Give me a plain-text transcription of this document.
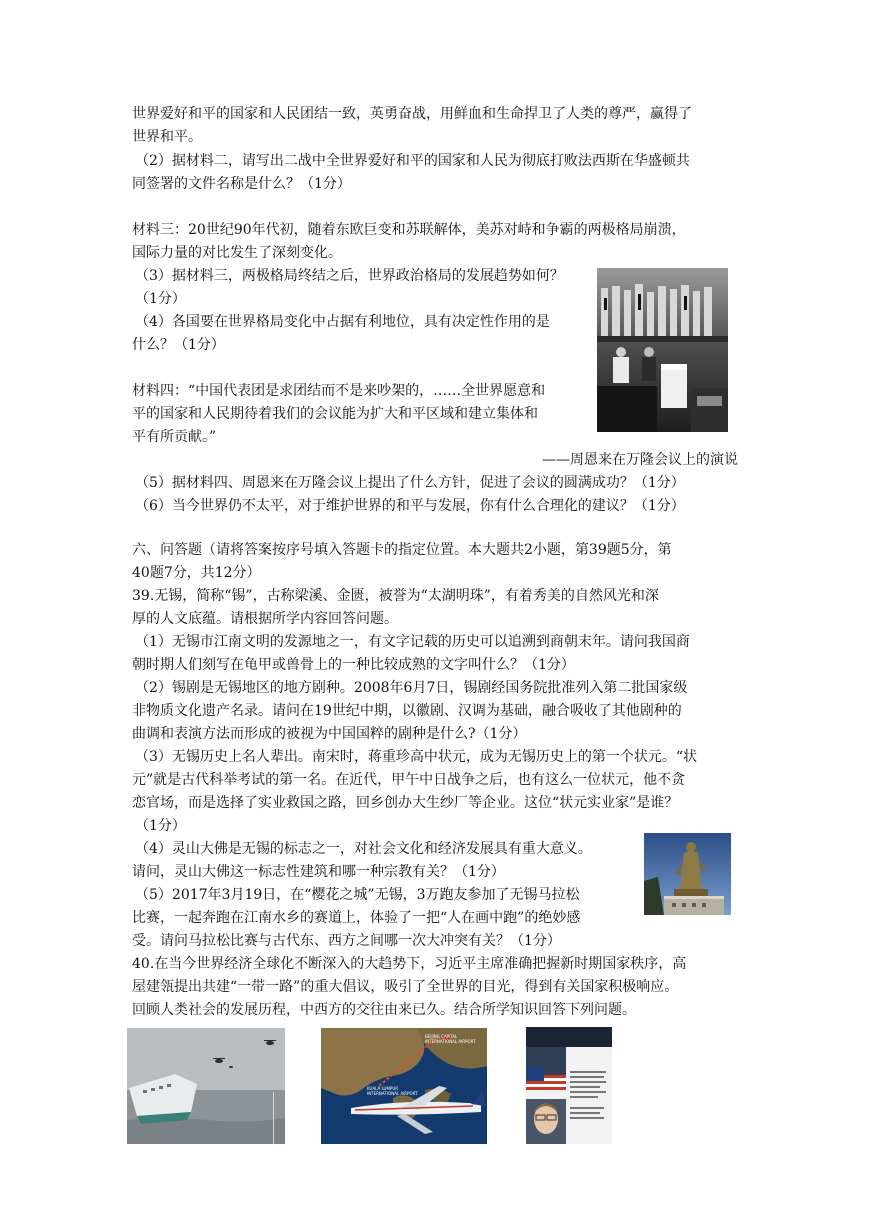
世界爱好和平的国家和人民团结一致，英勇奋战，用鲜血和生命捍卫了人类的尊严，赢得了
世界和平。
（2）据材料二，请写出二战中全世界爱好和平的国家和人民为彻底打败法西斯在华盛顿共
同签署的文件名称是什么？（1分）
材料三：20世纪90年代初，随着东欧巨变和苏联解体，美苏对峙和争霸的两极格局崩溃，
国际力量的对比发生了深刻变化。
（3）据材料三，两极格局终结之后，世界政治格局的发展趋势如何？
（1分）
（4）各国要在世界格局变化中占据有利地位，具有决定性作用的是
什么？（1分）
材料四：“中国代表团是求团结而不是来吵架的，……全世界愿意和
平的国家和人民期待着我们的会议能为扩大和平区域和建立集体和
平有所贡献。”
——周恩来在万隆会议上的演说
（5）据材料四、周恩来在万隆会议上提出了什么方针，促进了会议的圆满成功？（1分）
（6）当今世界仍不太平，对于维护世界的和平与发展，你有什么合理化的建议？（1分）
六、问答题（请将答案按序号填入答题卡的指定位置。本大题共2小题，第39题5分，第
40题7分，共12分）
39.无锡，简称“锡”，古称梁溪、金匮，被誉为“太湖明珠”，有着秀美的自然风光和深
厚的人文底蕴。请根据所学内容回答问题。
（1）无锡市江南文明的发源地之一，有文字记载的历史可以追溯到商朝末年。请问我国商
朝时期人们刻写在龟甲或兽骨上的一种比较成熟的文字叫什么？（1分）
（2）锡剧是无锡地区的地方剧种。2008年6月7日，锡剧经国务院批准列入第二批国家级
非物质文化遗产名录。请问在19世纪中期，以徽剧、汉调为基础，融合吸收了其他剧种的
曲调和表演方法而形成的被视为中国国粹的剧种是什么?（1分）
（3）无锡历史上名人辈出。南宋时，蒋重珍高中状元，成为无锡历史上的第一个状元。“状
元”就是古代科举考试的第一名。在近代，甲午中日战争之后，也有这么一位状元，他不贪
恋官场，而是选择了实业救国之路，回乡创办大生纱厂等企业。这位“状元实业家”是谁？
（1分）
（4）灵山大佛是无锡的标志之一，对社会文化和经济发展具有重大意义。
请问，灵山大佛这一标志性建筑和哪一种宗教有关？（1分）
（5）2017年3月19日，在“樱花之城”无锡，3万跑友参加了无锡马拉松
比赛，一起奔跑在江南水乡的赛道上，体验了一把“人在画中跑”的绝妙感
受。请问马拉松比赛与古代东、西方之间哪一次大冲突有关？（1分）
40.在当今世界经济全球化不断深入的大趋势下，习近平主席准确把握新时期国家秩序，高
屋建瓴提出共建“一带一路”的重大倡议，吸引了全世界的目光，得到有关国家积极响应。
回顾人类社会的发展历程，中西方的交往由来已久。结合所学知识回答下列问题。
BEIJING CAPITAL
INTERNATIONAL AIRPORT
KUALA LUMPUR
INTERNATIONAL AIRPORT
